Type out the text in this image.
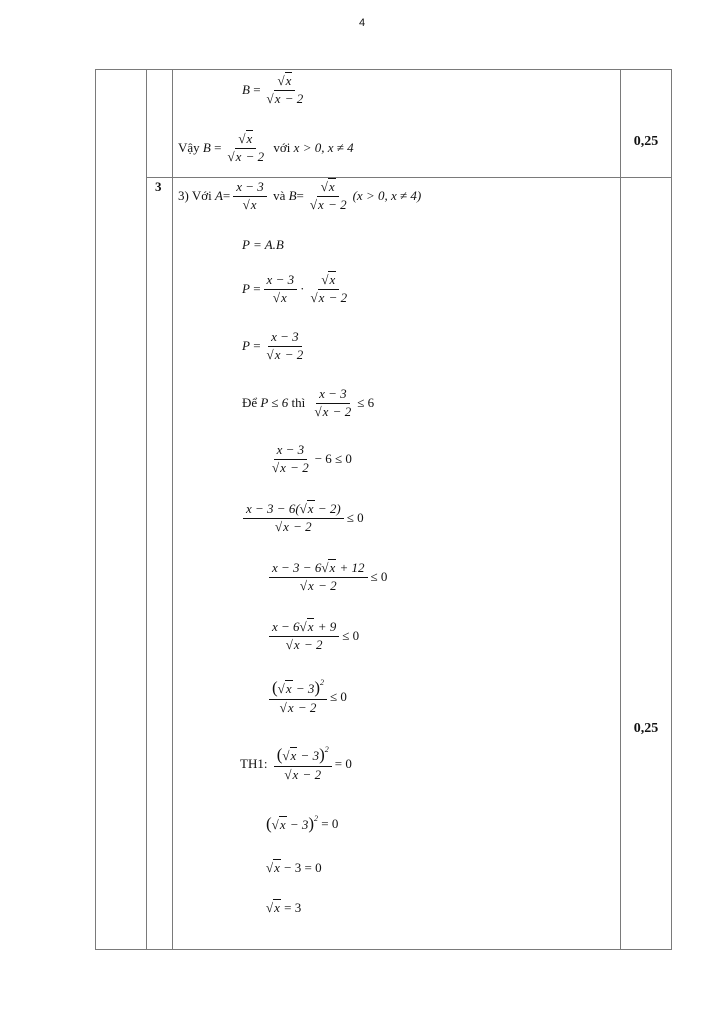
4
0,25
0,25
3
B
= $\frac{√x}{√x - 2}$
Vậy
B
= $\frac{√x}{√x - 2}$
với
x > 0, x ≠ 4
3) Với
$A = \frac{x - 3}{√x}$
và
$B = \frac{√x}{√x - 2} (x > 0$, x ≠ 4)
P = A.B
P
= $\frac{x - 3}{√x} \cdot \frac{√x}{√x - 2}$
P
= $\frac{x - 3}{√x - 2}$
Để
P ≤ 6
thì
$\frac{x - 3}{√x - 2} \le 6$
$\frac{x - 3}{√x - 2} - 6 \le 0$
$\frac{x - 3 - 6(√x - 2)}{√x - 2} \le 0$
$\frac{x - 3 - 6√x + 12}{√x - 2} \le 0$
$\frac{x - 6√x + 9}{√x - 2} \le 0$
$\frac{(√x - 3)^2}{√x - 2} \le 0$
TH1:
$\frac{(√x - 3)^2}{√x - 2} = 0$
$(√x - 3)^2$
= 0
√x
− 3 = 0
√x
= 3
